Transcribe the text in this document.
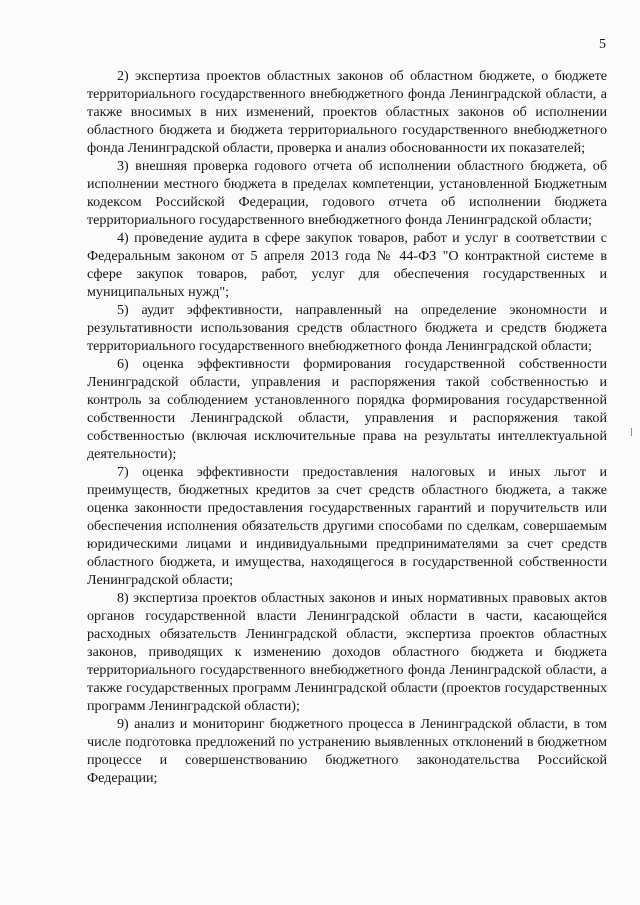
5

2) экспертиза проектов областных законов об областном бюджете, о бюджете территориального государственного внебюджетного фонда Ленинградской области, а также вносимых в них изменений, проектов областных законов об исполнении областного бюджета и бюджета территориального государственного внебюджетного фонда Ленинградской области, проверка и анализ обоснованности их показателей;

3) внешняя проверка годового отчета об исполнении областного бюджета, об исполнении местного бюджета в пределах компетенции, установленной Бюджетным кодексом Российской Федерации, годового отчета об исполнении бюджета территориального государственного внебюджетного фонда Ленинградской области;

4) проведение аудита в сфере закупок товаров, работ и услуг в соответствии с Федеральным законом от 5 апреля 2013 года № 44-ФЗ "О контрактной системе в сфере закупок товаров, работ, услуг для обеспечения государственных и муниципальных нужд";

5) аудит эффективности, направленный на определение экономности и результативности использования средств областного бюджета и средств бюджета территориального государственного внебюджетного фонда Ленинградской области;

6) оценка эффективности формирования государственной собственности Ленинградской области, управления и распоряжения такой собственностью и контроль за соблюдением установленного порядка формирования государственной собственности Ленинградской области, управления и распоряжения такой собственностью (включая исключительные права на результаты интеллектуальной деятельности);

7) оценка эффективности предоставления налоговых и иных льгот и преимуществ, бюджетных кредитов за счет средств областного бюджета, а также оценка законности предоставления государственных гарантий и поручительств или обеспечения исполнения обязательств другими способами по сделкам, совершаемым юридическими лицами и индивидуальными предпринимателями за счет средств областного бюджета, и имущества, находящегося в государственной собственности Ленинградской области;

8) экспертиза проектов областных законов и иных нормативных правовых актов органов государственной власти Ленинградской области в части, касающейся расходных обязательств Ленинградской области, экспертиза проектов областных законов, приводящих к изменению доходов областного бюджета и бюджета территориального государственного внебюджетного фонда Ленинградской области, а также государственных программ Ленинградской области (проектов государственных программ Ленинградской области);

9) анализ и мониторинг бюджетного процесса в Ленинградской области, в том числе подготовка предложений по устранению выявленных отклонений в бюджетном процессе и совершенствованию бюджетного законодательства Российской Федерации;
